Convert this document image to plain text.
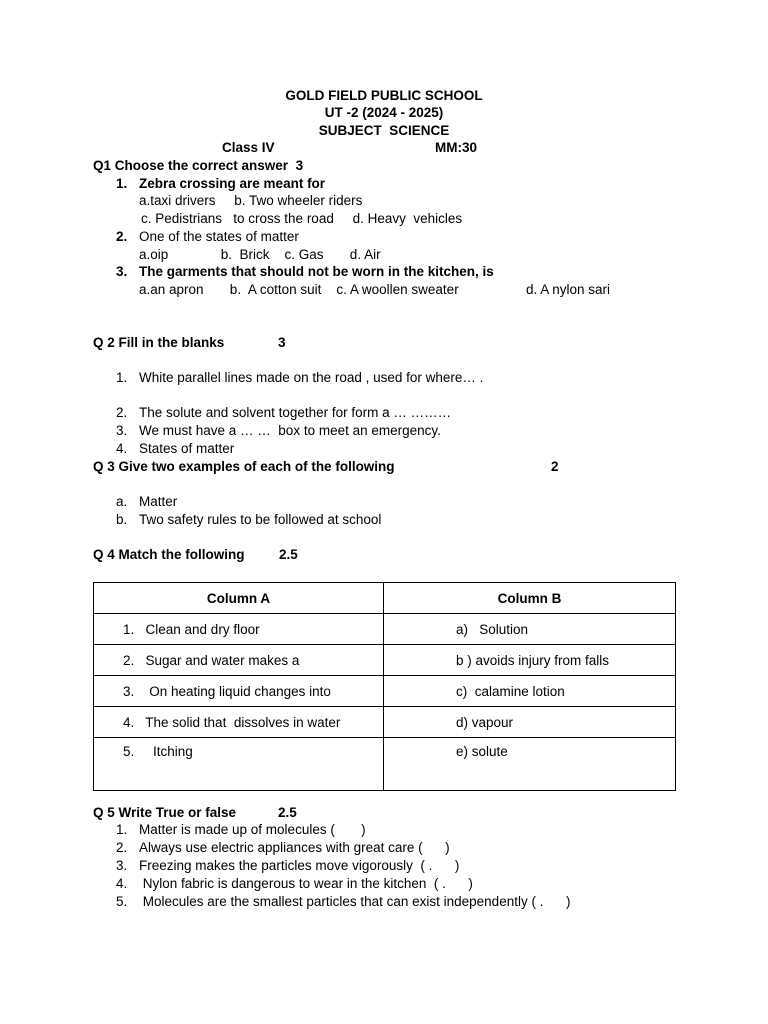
GOLD FIELD PUBLIC SCHOOL
UT -2 (2024 - 2025)
SUBJECT  SCIENCE
Class IV	MM:30
Q1 Choose the correct answer  3
1. Zebra crossing are meant for
a.taxi drivers     b. Two wheeler riders
c. Pedistrians   to cross the road     d. Heavy  vehicles
2. One of the states of matter
a.oip              b.  Brick    c. Gas       d. Air
3. The garments that should not be worn in the kitchen, is
a.an apron       b.  A cotton suit    c. A woollen sweater	d. A nylon sari
Q 2 Fill in the blanks	3
1. White parallel lines made on the road , used for where… .
2. The solute and solvent together for form a … ………
3. We must have a … …  box to meet an emergency.
4. States of matter
Q 3 Give two examples of each of the following	2
a. Matter
b. Two safety rules to be followed at school
Q 4 Match the following	2.5
Column A	Column B
1.   Clean and dry floor	a)   Solution
2.   Sugar and water makes a	b ) avoids injury from falls
3.    On heating liquid changes into	c)  calamine lotion
4.   The solid that  dissolves in water	d) vapour
5.     Itching	e) solute
Q 5 Write True or false	2.5
1. Matter is made up of molecules (       )
2. Always use electric appliances with great care (      )
3. Freezing makes the particles move vigorously  ( .      )
4. Nylon fabric is dangerous to wear in the kitchen  ( .      )
5. Molecules are the smallest particles that can exist independently ( .      )
